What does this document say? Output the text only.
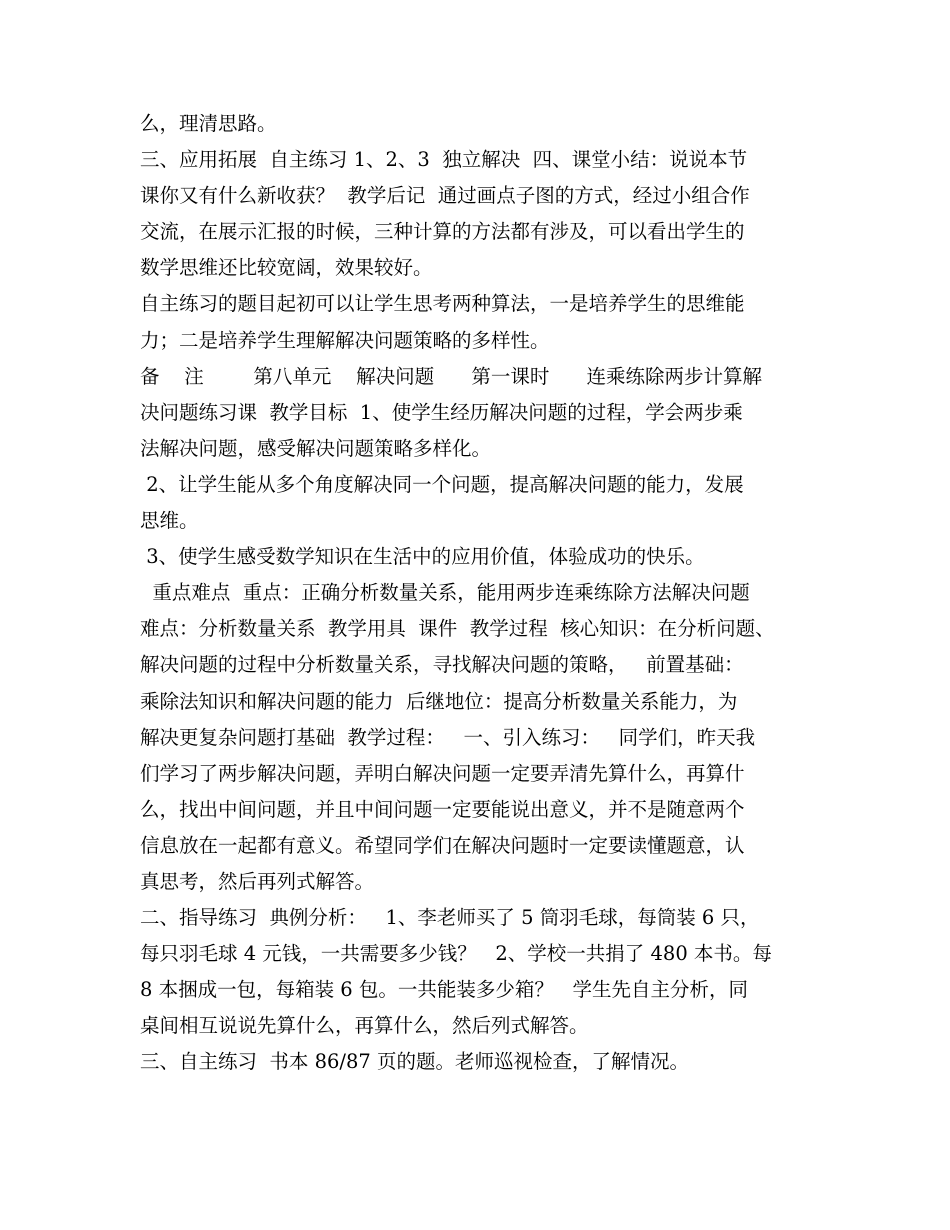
么，理清思路。
三、应用拓展  自主练习 1、2、3  独立解决  四、课堂小结：说说本节
课你又有什么新收获？  教学后记  通过画点子图的方式，经过小组合作
交流，在展示汇报的时候，三种计算的方法都有涉及，可以看出学生的
数学思维还比较宽阔，效果较好。
自主练习的题目起初可以让学生思考两种算法，一是培养学生的思维能
力；二是培养学生理解解决问题策略的多样性。
备    注        第八单元    解决问题      第一课时      连乘练除两步计算解
决问题练习课  教学目标  1、使学生经历解决问题的过程，学会两步乘
法解决问题，感受解决问题策略多样化。
2、让学生能从多个角度解决同一个问题，提高解决问题的能力，发展
思维。
3、使学生感受数学知识在生活中的应用价值，体验成功的快乐。
重点难点  重点：正确分析数量关系，能用两步连乘练除方法解决问题
难点：分析数量关系  教学用具  课件  教学过程  核心知识：在分析问题、
解决问题的过程中分析数量关系，寻找解决问题的策略，   前置基础：
乘除法知识和解决问题的能力  后继地位：提高分析数量关系能力，为
解决更复杂问题打基础  教学过程：   一、引入练习：   同学们，昨天我
们学习了两步解决问题，弄明白解决问题一定要弄清先算什么，再算什
么，找出中间问题，并且中间问题一定要能说出意义，并不是随意两个
信息放在一起都有意义。希望同学们在解决问题时一定要读懂题意，认
真思考，然后再列式解答。
二、指导练习  典例分析：   1、李老师买了 5 筒羽毛球，每筒装 6 只，
每只羽毛球 4 元钱，一共需要多少钱？   2、学校一共捐了 480 本书。每
8 本捆成一包，每箱装 6 包。一共能装多少箱？   学生先自主分析，同
桌间相互说说先算什么，再算什么，然后列式解答。
三、自主练习  书本 86/87 页的题。老师巡视检查，了解情况。
